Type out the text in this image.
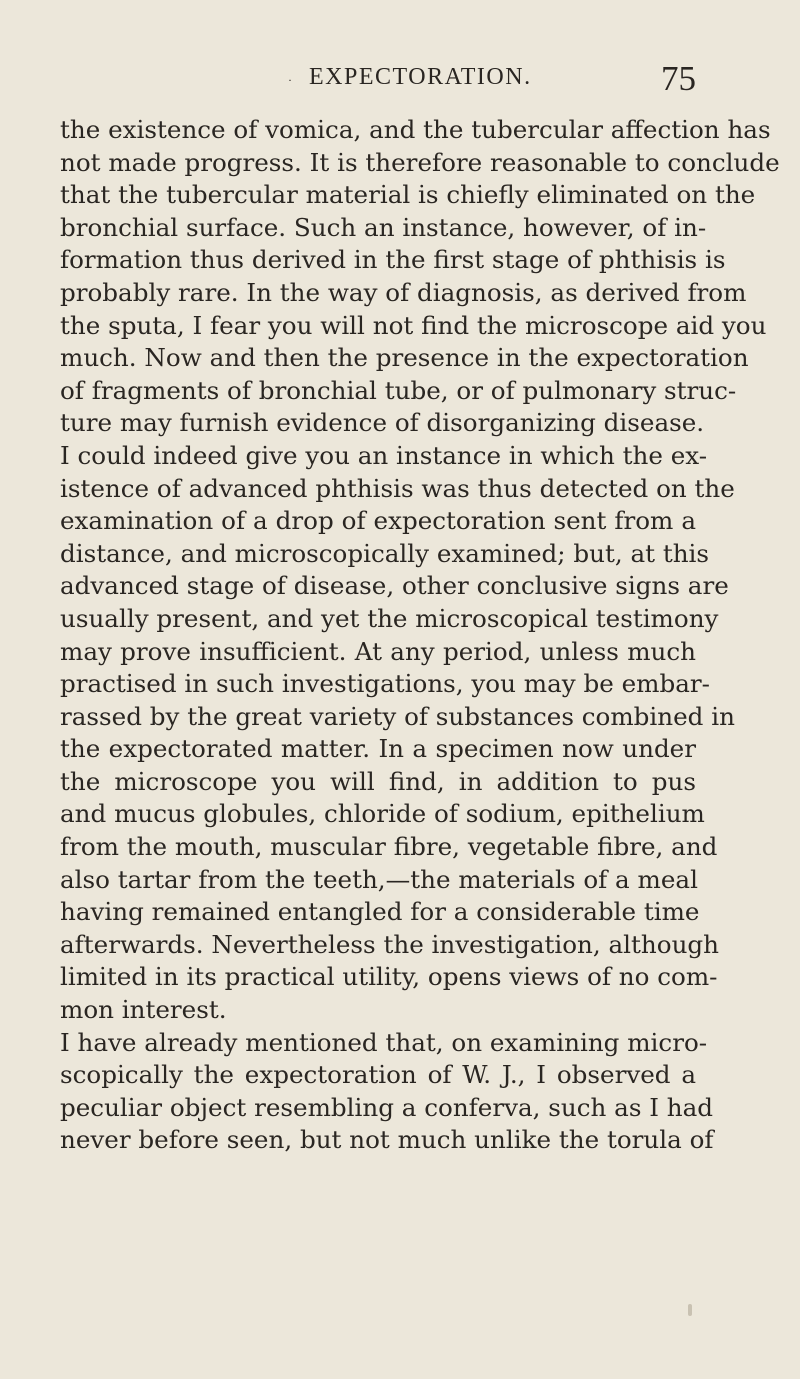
· EXPECTORATION.	75
the existence of vomica, and the tubercular affection has
not made progress. It is therefore reasonable to conclude
that the tubercular material is chiefly eliminated on the
bronchial surface. Such an instance, however, of in-
formation thus derived in the first stage of phthisis is
probably rare. In the way of diagnosis, as derived from
the sputa, I fear you will not find the microscope aid you
much. Now and then the presence in the expectoration
of fragments of bronchial tube, or of pulmonary struc-
ture may furnish evidence of disorganizing disease.
I could indeed give you an instance in which the ex-
istence of advanced phthisis was thus detected on the
examination of a drop of expectoration sent from a
distance, and microscopically examined; but, at this
advanced stage of disease, other conclusive signs are
usually present, and yet the microscopical testimony
may prove insufficient. At any period, unless much
practised in such investigations, you may be embar-
rassed by the great variety of substances combined in
the expectorated matter. In a specimen now under
the microscope you will find, in addition to pus
and mucus globules, chloride of sodium, epithelium
from the mouth, muscular fibre, vegetable fibre, and
also tartar from the teeth,—the materials of a meal
having remained entangled for a considerable time
afterwards. Nevertheless the investigation, although
limited in its practical utility, opens views of no com-
mon interest.
I have already mentioned that, on examining micro-
scopically the expectoration of W. J., I observed a
peculiar object resembling a conferva, such as I had
never before seen, but not much unlike the torula of
